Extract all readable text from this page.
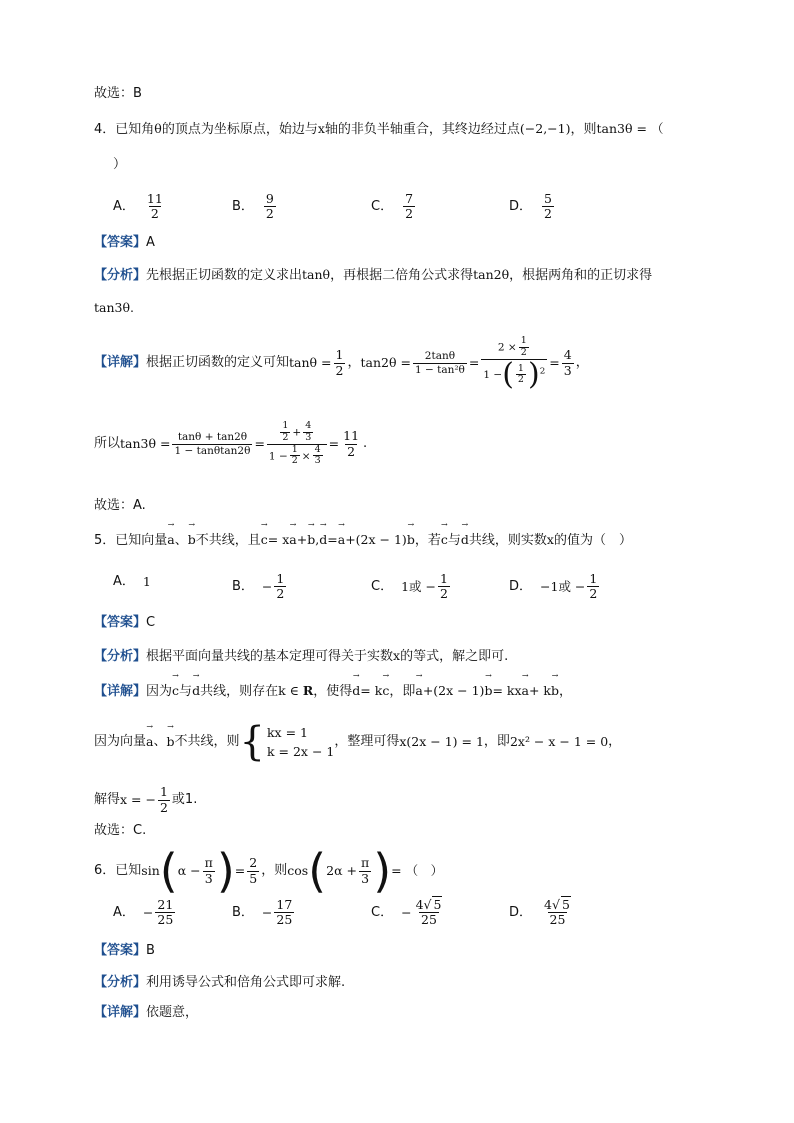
故选：B
4．已知角θ的顶点为坐标原点，始边与x轴的非负半轴重合，其终边经过点(−2,−1)，则tan3θ = （
）
A． $\frac{11}{2}$	B． $\frac{9}{2}$	C． $\frac{7}{2}$	D． $\frac{5}{2}$
【答案】A
【分析】先根据正切函数的定义求出tanθ，再根据二倍角公式求得tan2θ，根据两角和的正切求得
tan3θ.
【详解】 根据正切函数的定义可知 $\tan\theta = \frac{1}{2}$ ， $\tan 2\theta = \frac{2\tan\theta}{\text{1 − tan²θ}} = \frac{2 \times \frac{1}{2}}{1 -( \frac{1}{2} )^2} = \frac{4}{3}$ ，
所以 $\tan 3\theta = \frac{\tan\theta + \tan 2\theta}{1 - \tan\theta\tan 2\theta} = \frac{\frac{1}{2} + \frac{4}{3}}{1 - \frac{1}{2} \times \frac{4}{3}} = \frac{11}{2}$ .
故选：A.
5．已知向量→ a、→ b不共线，且→ c= x→ a+→ b,→ d=→ a+(2x − 1)→ b，若→ c与→ d共线，则实数x的值为（　）
A． 1	B． − $\frac{1}{2}$	C． 1或 − $\frac{1}{2}$	D． −1或 − $\frac{1}{2}$
【答案】C
【分析】根据平面向量共线的基本定理可得关于实数x的等式，解之即可.
【详解】因为→ c与→ d共线，则存在k ∈ R，使得→ d= k→ c，即→ a+(2x − 1)→ b= kx→ a+ k→ b，
因为向量 → a 、 → b 不共线，则 { kx = 1
k = 2x − 1
，整理可得 x(2x − 1) = 1 ，即 2x² − x − 1 = 0 ，
解得 x = − $\frac{1}{2}$ 或1.
故选：C.
6．已知 sin ( $\alpha - \frac{\pi}{3}$ ) = $\frac{2}{5}$ ，则 cos ( $2\alpha + \frac{\pi}{3}$ ) = （　）
A． − $\frac{21}{25}$	B． − $\frac{17}{25}$	C． − $\frac{4√ 5}{25}$	D． $\frac{4√ 5}{25}$
【答案】B
【分析】利用诱导公式和倍角公式即可求解.
【详解】依题意，
